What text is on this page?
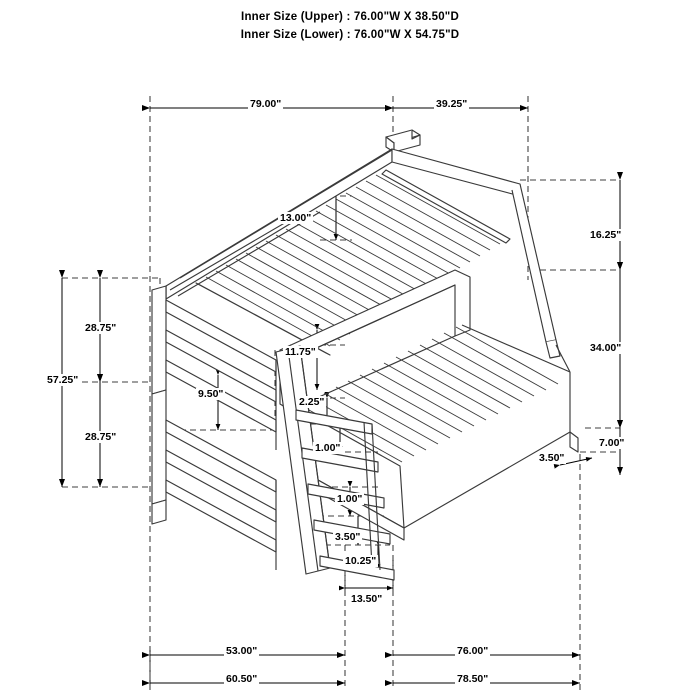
Inner Size (Upper) : 76.00"W X 38.50"D
Inner Size (Lower) : 76.00"W X 54.75"D
79.00"	39.25"
13.00"
16.25"
34.00"
7.00"
3.50"
28.75"
57.25"
28.75"
9.50"
11.75"
2.25"
1.00"
1.00"
3.50"
10.25"
13.50"
53.00"	76.00"
60.50"	78.50"
